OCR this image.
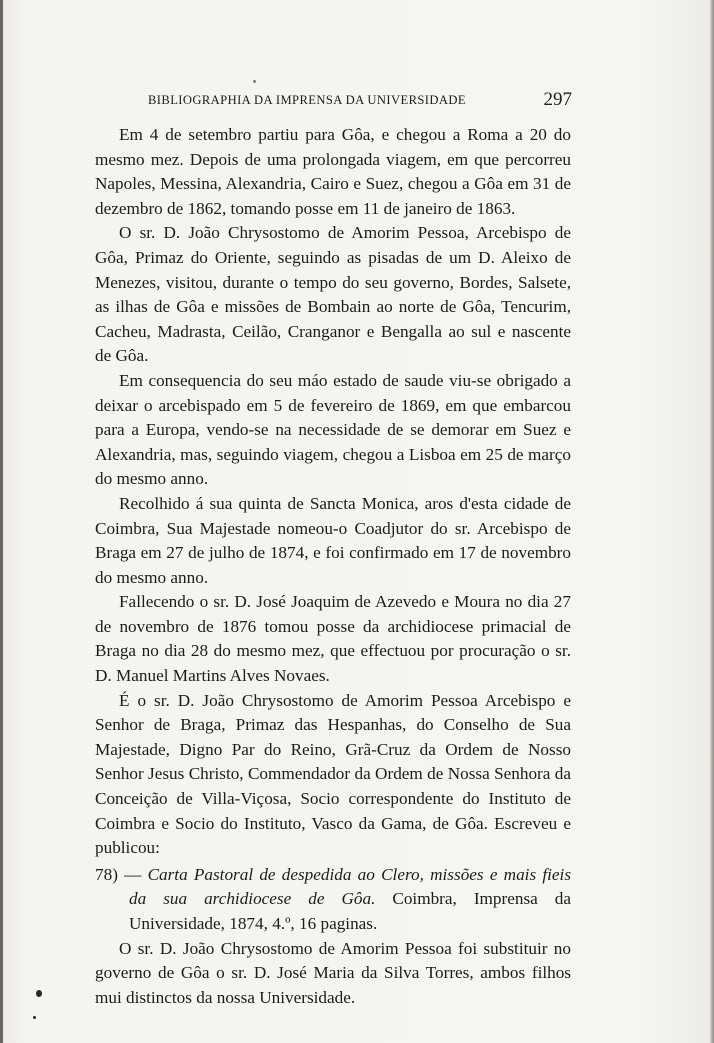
BIBLIOGRAPHIA DA IMPRENSA DA UNIVERSIDADE	297

Em 4 de setembro partiu para Gôa, e chegou a Roma a 20 do mesmo mez. Depois de uma prolongada viagem, em que percorreu Napoles, Messina, Alexandria, Cairo e Suez, chegou a Gôa em 31 de dezembro de 1862, tomando posse em 11 de janeiro de 1863.

O sr. D. João Chrysostomo de Amorim Pessoa, Arcebispo de Gôa, Primaz do Oriente, seguindo as pisadas de um D. Aleixo de Menezes, visitou, durante o tempo do seu governo, Bordes, Salsete, as ilhas de Gôa e missões de Bombain ao norte de Gôa, Tencurim, Cacheu, Madrasta, Ceilão, Cranganor e Bengalla ao sul e nascente de Gôa.

Em consequencia do seu máo estado de saude viu-se obrigado a deixar o arcebispado em 5 de fevereiro de 1869, em que embarcou para a Europa, vendo-se na necessidade de se demorar em Suez e Alexandria, mas, seguindo viagem, chegou a Lisboa em 25 de março do mesmo anno.

Recolhido á sua quinta de Sancta Monica, aros d'esta cidade de Coimbra, Sua Majestade nomeou-o Coadjutor do sr. Arcebispo de Braga em 27 de julho de 1874, e foi confirmado em 17 de novembro do mesmo anno.

Fallecendo o sr. D. José Joaquim de Azevedo e Moura no dia 27 de novembro de 1876 tomou posse da archidiocese primacial de Braga no dia 28 do mesmo mez, que effectuou por procuração o sr. D. Manuel Martins Alves Novaes.

É o sr. D. João Chrysostomo de Amorim Pessoa Arcebispo e Senhor de Braga, Primaz das Hespanhas, do Conselho de Sua Majestade, Digno Par do Reino, Grã-Cruz da Ordem de Nosso Senhor Jesus Christo, Commendador da Ordem de Nossa Senhora da Conceição de Villa-Viçosa, Socio correspondente do Instituto de Coimbra e Socio do Instituto, Vasco da Gama, de Gôa. Escreveu e publicou:

78) — Carta Pastoral de despedida ao Clero, missões e mais fieis da sua archidiocese de Gôa. Coimbra, Imprensa da Universidade, 1874, 4.º, 16 paginas.

O sr. D. João Chrysostomo de Amorim Pessoa foi substituir no governo de Gôa o sr. D. José Maria da Silva Torres, ambos filhos mui distinctos da nossa Universidade.
